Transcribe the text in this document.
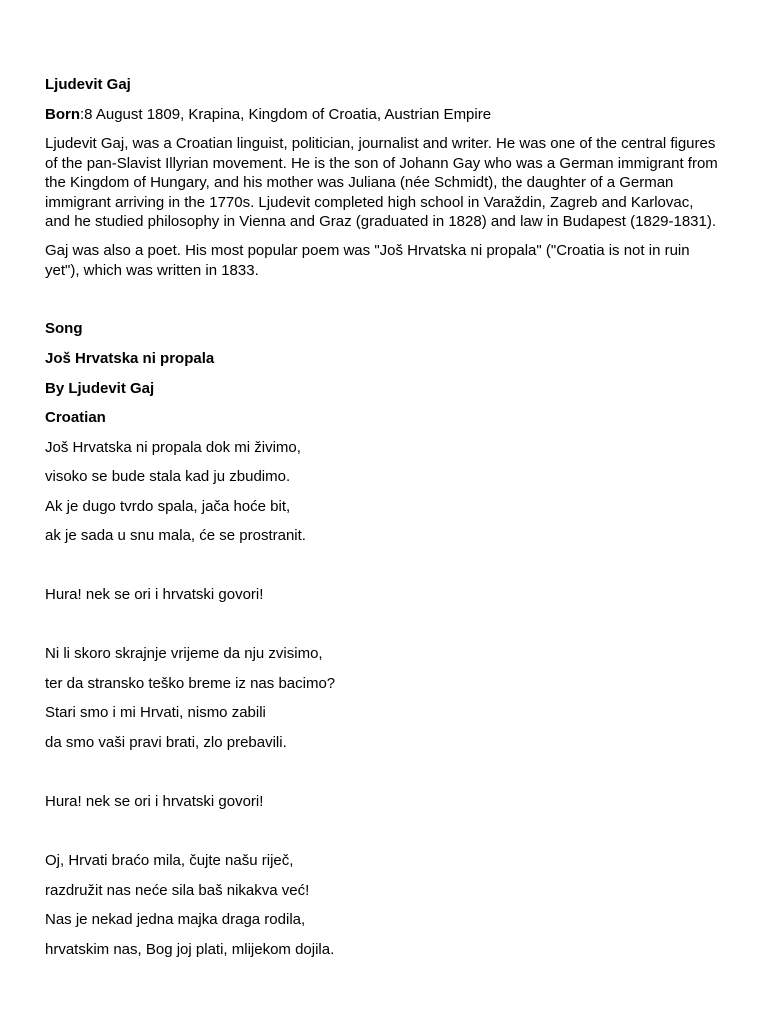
Ljudevit Gaj
Born:8 August 1809, Krapina, Kingdom of Croatia, Austrian Empire
Ljudevit Gaj, was a Croatian linguist, politician, journalist and writer. He was one of the central figures
of the pan-Slavist Illyrian movement. He is the son of Johann Gay who was a German immigrant from
the Kingdom of Hungary, and his mother was Juliana (née Schmidt), the daughter of a German
immigrant arriving in the 1770s. Ljudevit completed high school in Varaždin, Zagreb and Karlovac,
and he studied philosophy in Vienna and Graz (graduated in 1828) and law in Budapest (1829-1831).
Gaj was also a poet. His most popular poem was "Još Hrvatska ni propala" ("Croatia is not in ruin
yet"), which was written in 1833.
Song
Još Hrvatska ni propala
By Ljudevit Gaj
Croatian
Još Hrvatska ni propala dok mi živimo,
visoko se bude stala kad ju zbudimo.
Ak je dugo tvrdo spala, jača hoće bit,
ak je sada u snu mala, će se prostranit.
Hura! nek se ori i hrvatski govori!
Ni li skoro skrajnje vrijeme da nju zvisimo,
ter da stransko teško breme iz nas bacimo?
Stari smo i mi Hrvati, nismo zabili
da smo vaši pravi brati, zlo prebavili.
Hura! nek se ori i hrvatski govori!
Oj, Hrvati braćo mila, čujte našu riječ,
razdružit nas neće sila baš nikakva već!
Nas je nekad jedna majka draga rodila,
hrvatskim nas, Bog joj plati, mlijekom dojila.
